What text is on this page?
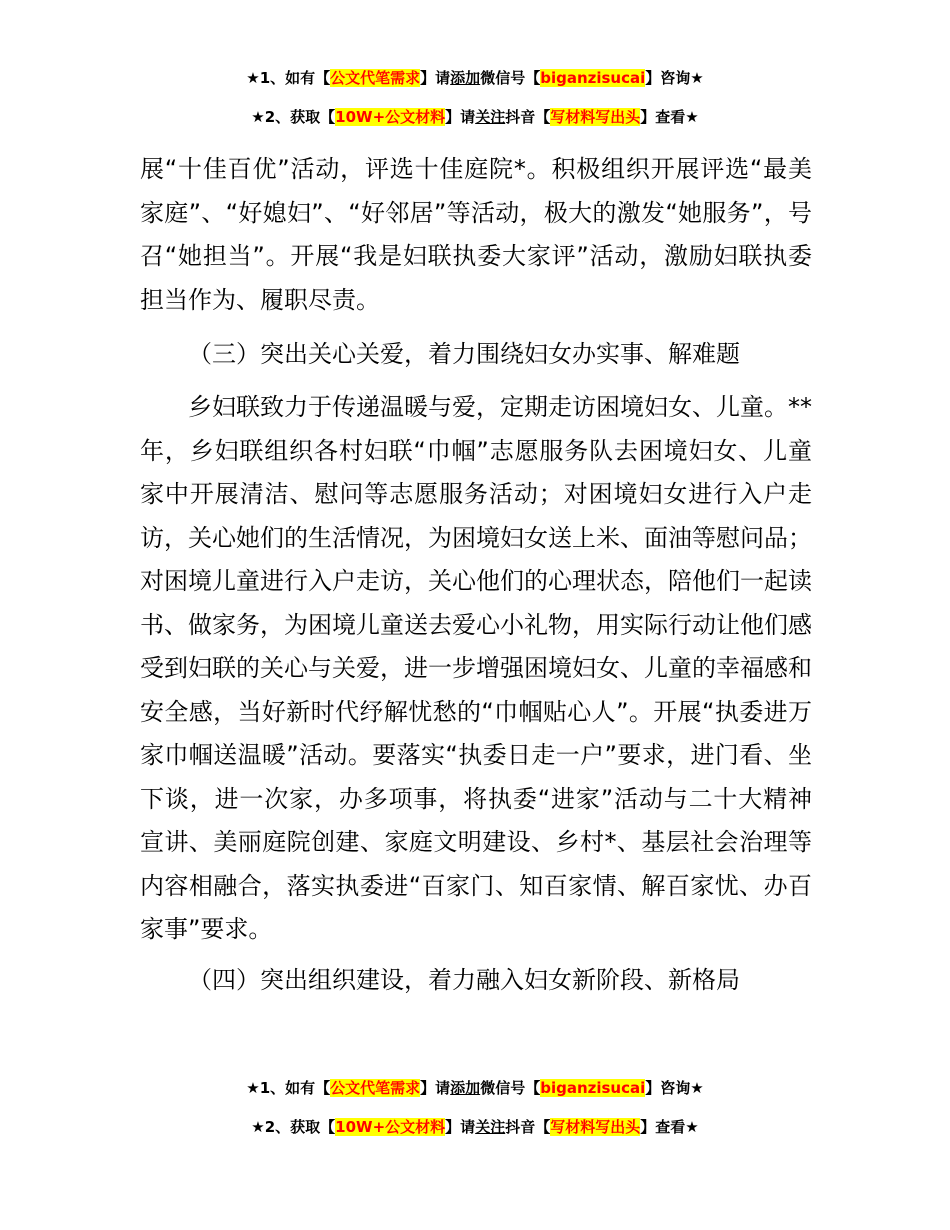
★1、如有【公文代笔需求】请添加微信号【biganzisucai】咨询★
★2、获取【10W+公文材料】请关注抖音【写材料写出头】查看★

展“十佳百优”活动，评选十佳庭院*。积极组织开展评选“最美家庭”、“好媳妇”、“好邻居”等活动，极大的激发“她服务”，号召“她担当”。开展“我是妇联执委大家评”活动，激励妇联执委担当作为、履职尽责。

（三）突出关心关爱，着力围绕妇女办实事、解难题

乡妇联致力于传递温暖与爱，定期走访困境妇女、儿童。**年，乡妇联组织各村妇联“巾帼”志愿服务队去困境妇女、儿童家中开展清洁、慰问等志愿服务活动；对困境妇女进行入户走访，关心她们的生活情况，为困境妇女送上米、面油等慰问品；对困境儿童进行入户走访，关心他们的心理状态，陪他们一起读书、做家务，为困境儿童送去爱心小礼物，用实际行动让他们感受到妇联的关心与关爱，进一步增强困境妇女、儿童的幸福感和安全感，当好新时代纾解忧愁的“巾帼贴心人”。开展“执委进万家巾帼送温暖”活动。要落实“执委日走一户”要求，进门看、坐下谈，进一次家，办多项事，将执委“进家”活动与二十大精神宣讲、美丽庭院创建、家庭文明建设、乡村*、基层社会治理等内容相融合，落实执委进“百家门、知百家情、解百家忧、办百家事”要求。

（四）突出组织建设，着力融入妇女新阶段、新格局
★1、如有【公文代笔需求】请添加微信号【biganzisucai】咨询★
★2、获取【10W+公文材料】请关注抖音【写材料写出头】查看★
